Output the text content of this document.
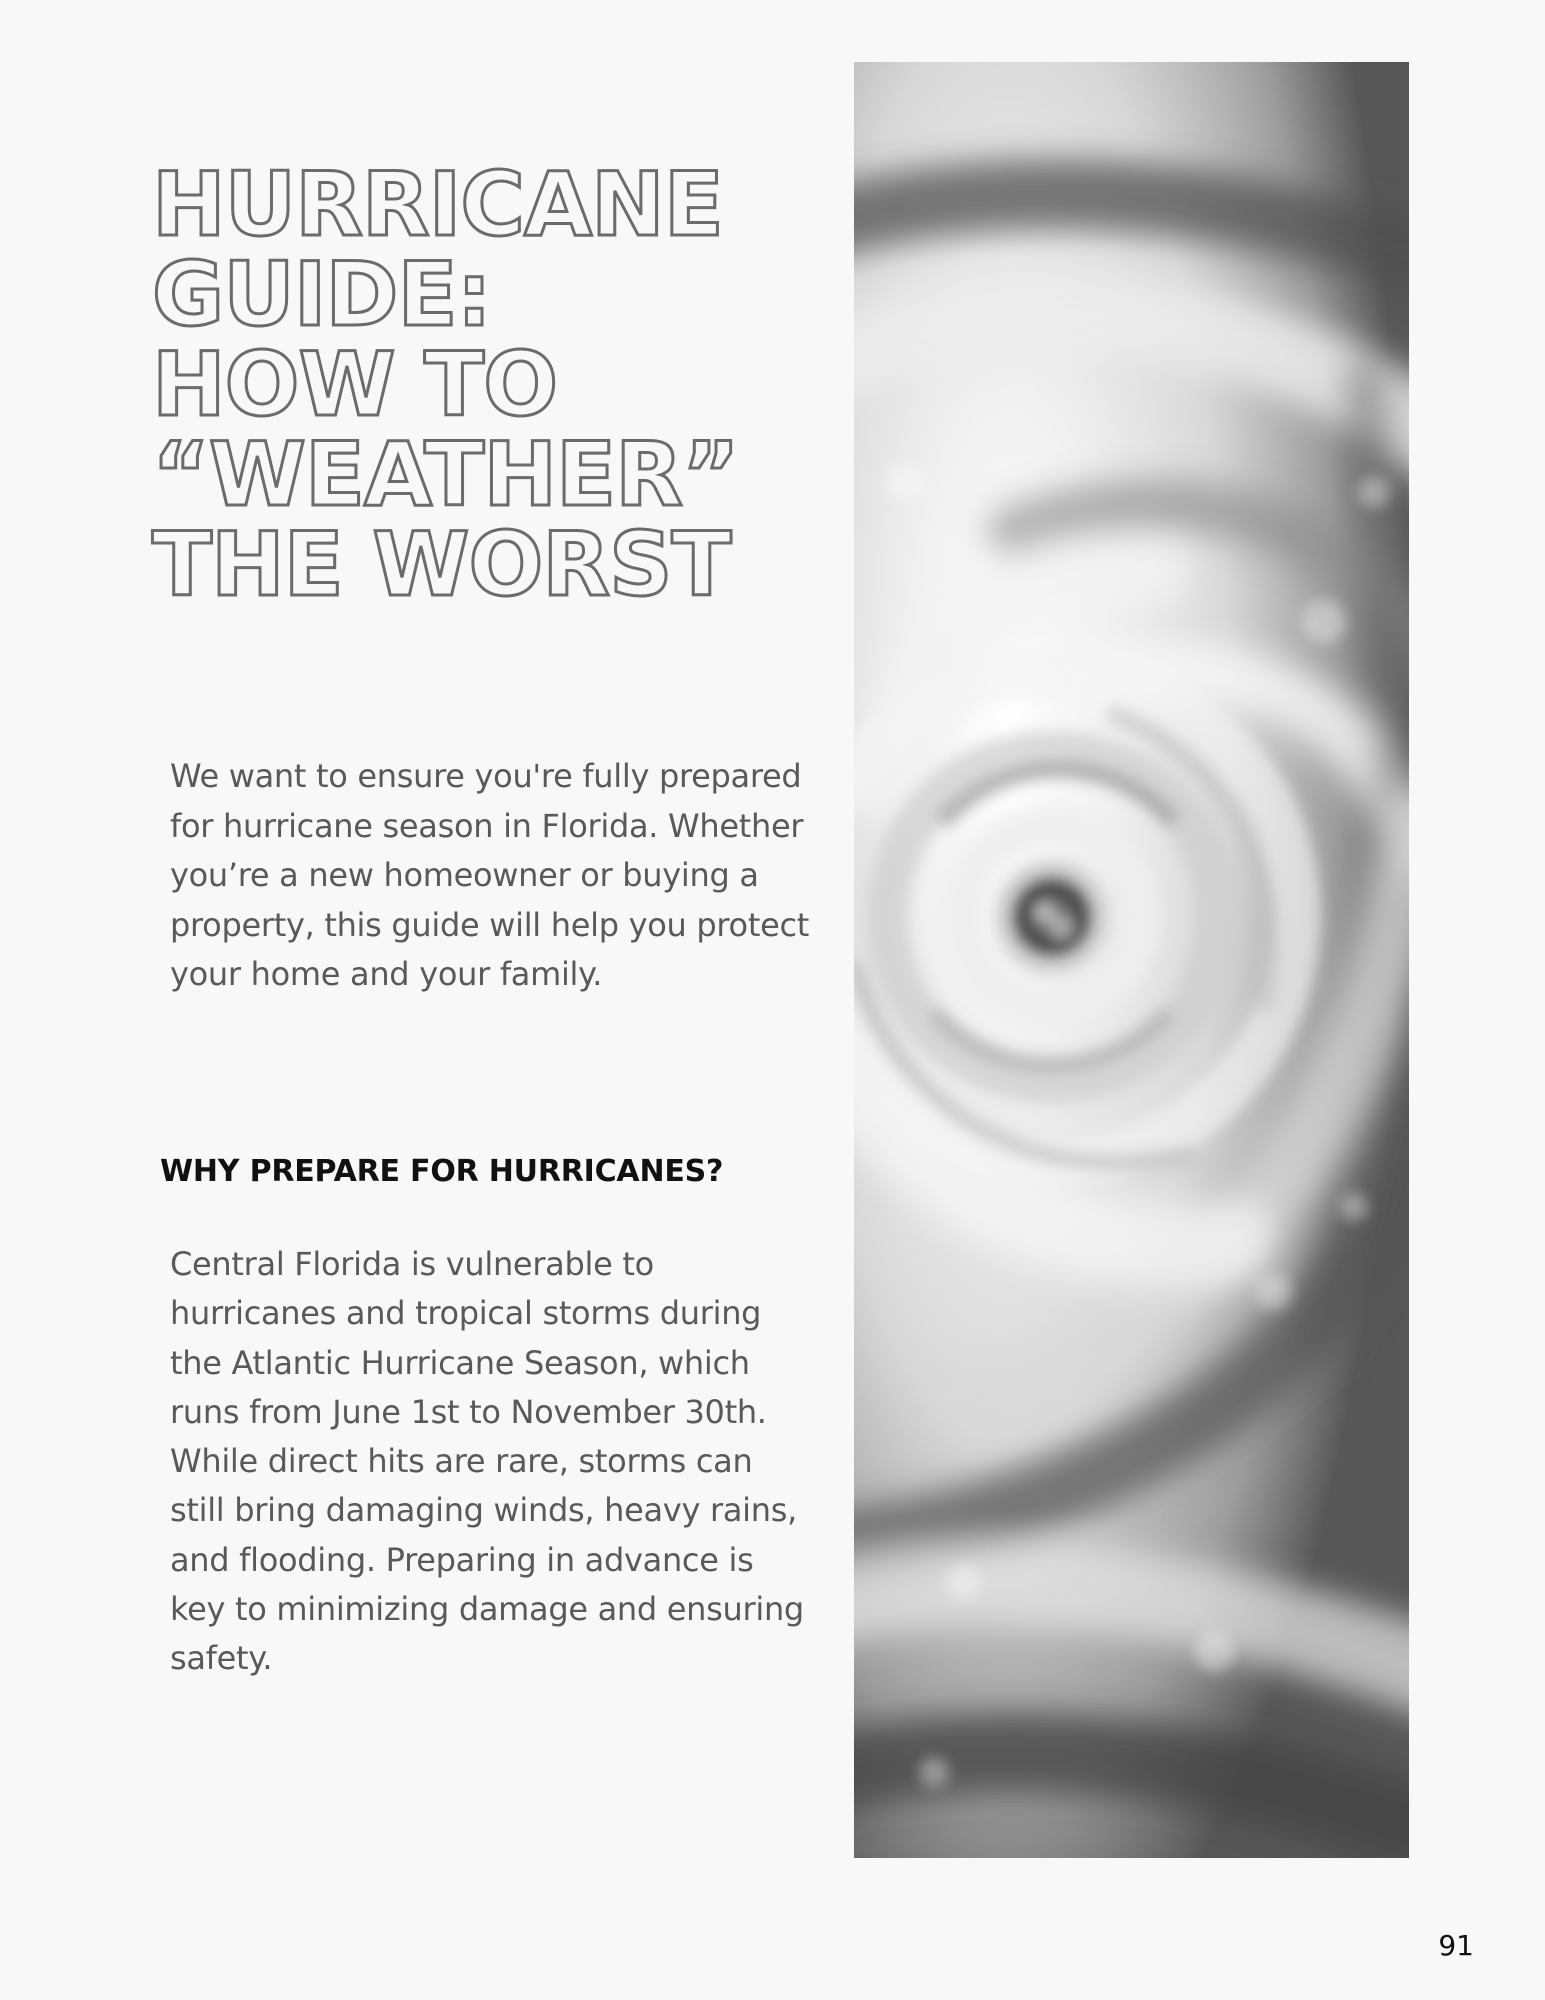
HURRICANE
GUIDE:
HOW TO
“WEATHER”
THE WORST

We want to ensure you're fully prepared for hurricane season in Florida. Whether you’re a new homeowner or buying a property, this guide will help you protect your home and your family.

WHY PREPARE FOR HURRICANES?

Central Florida is vulnerable to hurricanes and tropical storms during the Atlantic Hurricane Season, which runs from June 1st to November 30th. While direct hits are rare, storms can still bring damaging winds, heavy rains, and flooding. Preparing in advance is key to minimizing damage and ensuring safety.

91
